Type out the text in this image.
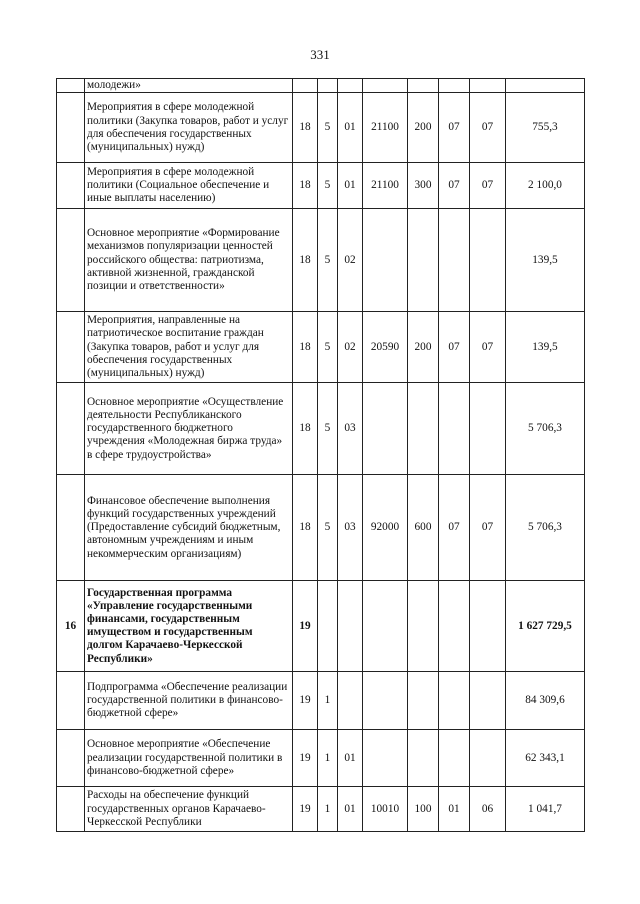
331
	молодежи»								
	Мероприятия в сфере молодежной политики (Закупка товаров, работ и услуг для обеспечения государственных (муниципальных) нужд)	18	5	01	21100	200	07	07	755,3
	Мероприятия в сфере молодежной политики (Социальное обеспечение и иные выплаты населению)	18	5	01	21100	300	07	07	2 100,0
	Основное мероприятие «Формирование механизмов популяризации ценностей российского общества: патриотизма, активной жизненной, гражданской позиции и ответственности»	18	5	02					139,5
	Мероприятия, направленные на патриотическое воспитание граждан (Закупка товаров, работ и услуг для обеспечения государственных (муниципальных) нужд)	18	5	02	20590	200	07	07	139,5
	Основное мероприятие «Осуществление деятельности Республиканского государственного бюджетного учреждения «Молодежная биржа труда» в сфере трудоустройства»	18	5	03					5 706,3
	Финансовое обеспечение выполнения функций государственных учреждений (Предоставление субсидий бюджетным, автономным учреждениям и иным некоммерческим организациям)	18	5	03	92000	600	07	07	5 706,3
16	Государственная программа «Управление государственными финансами, государственным имуществом и государственным долгом Карачаево-Черкесской Республики»	19							1 627 729,5
	Подпрограмма «Обеспечение реализации государственной политики в финансово-бюджетной сфере»	19	1						84 309,6
	Основное мероприятие «Обеспечение реализации государственной политики в финансово-бюджетной сфере»	19	1	01					62 343,1
	Расходы на обеспечение функций государственных органов Карачаево-Черкесской Республики	19	1	01	10010	100	01	06	1 041,7
